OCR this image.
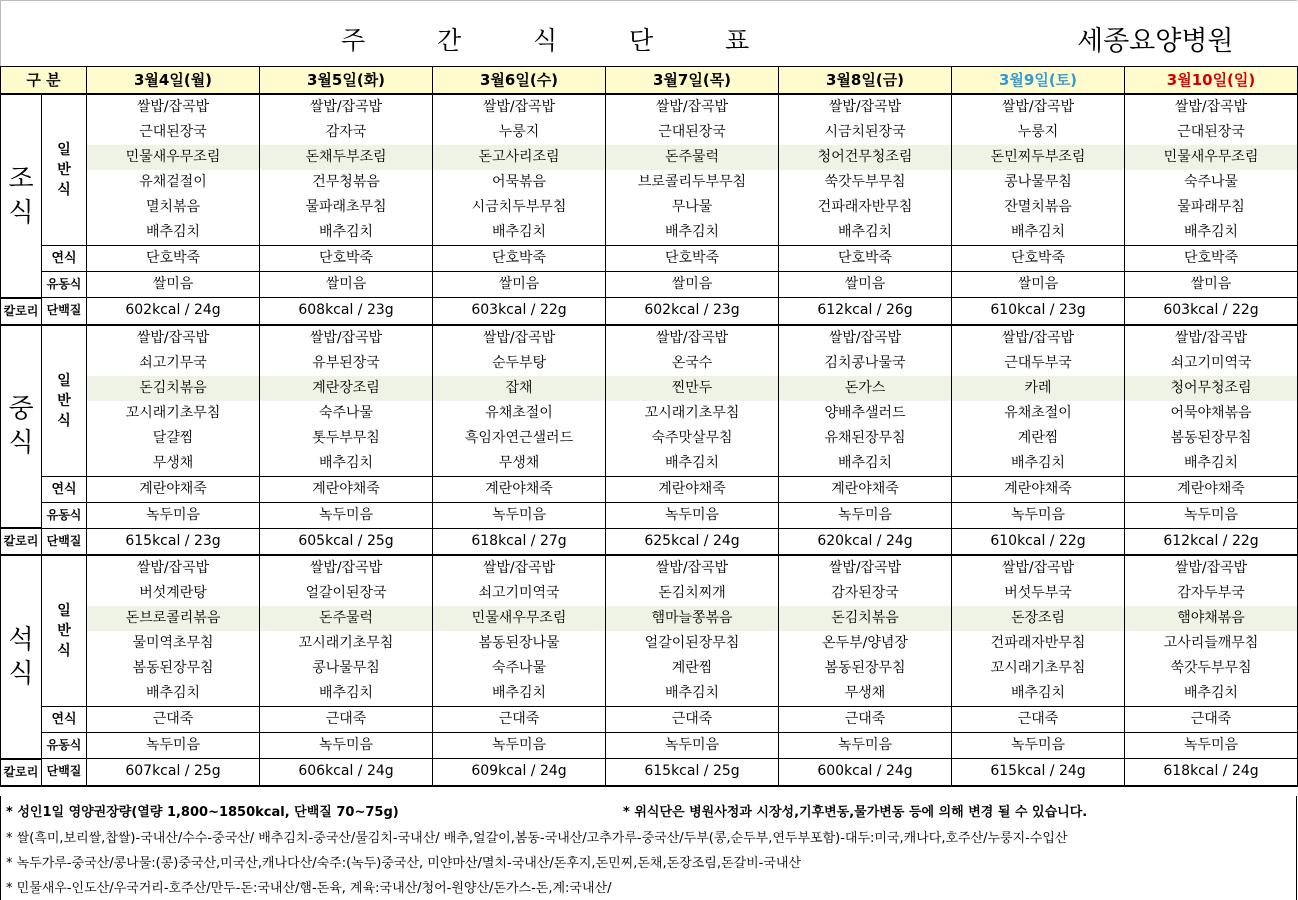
주	간	식	단	표	세종요양병원
구 분		3월4일(월)	3월5일(화)	3월6일(수)	3월7일(목)	3월8일(금)	3월9일(토)	3월10일(일)
조
식	일
반
식	쌀밥/잡곡밥	쌀밥/잡곡밥	쌀밥/잡곡밥	쌀밥/잡곡밥	쌀밥/잡곡밥	쌀밥/잡곡밥	쌀밥/잡곡밥
		근대된장국	감자국	누룽지	근대된장국	시금치된장국	누룽지	근대된장국
		민물새우무조림	돈채두부조림	돈고사리조림	돈주물럭	청어건무청조림	돈민찌두부조림	민물새우무조림
		유채겉절이	건무청볶음	어묵볶음	브로콜리두부무침	쑥갓두부무침	콩나물무침	숙주나물
		멸치볶음	물파래초무침	시금치두부무침	무나물	건파래자반무침	잔멸치볶음	물파래무침
		배추김치	배추김치	배추김치	배추김치	배추김치	배추김치	배추김치
	연식	단호박죽	단호박죽	단호박죽	단호박죽	단호박죽	단호박죽	단호박죽
	유동식	쌀미음	쌀미음	쌀미음	쌀미음	쌀미음	쌀미음	쌀미음
칼로리	단백질	602kcal / 24g	608kcal / 23g	603kcal / 22g	602kcal / 23g	612kcal / 26g	610kcal / 23g	603kcal / 22g
중
식	일
반
식	쌀밥/잡곡밥	쌀밥/잡곡밥	쌀밥/잡곡밥	쌀밥/잡곡밥	쌀밥/잡곡밥	쌀밥/잡곡밥	쌀밥/잡곡밥
		쇠고기무국	유부된장국	순두부탕	온국수	김치콩나물국	근대두부국	쇠고기미역국
		돈김치볶음	계란장조림	잡채	찐만두	돈가스	카레	청어무청조림
		꼬시래기초무침	숙주나물	유채초절이	꼬시래기초무침	양배추샐러드	유채초절이	어묵야채볶음
		달걀찜	톳두부무침	흑임자연근샐러드	숙주맛살무침	유채된장무침	계란찜	봄동된장무침
		무생채	배추김치	무생채	배추김치	배추김치	배추김치	배추김치
	연식	계란야채죽	계란야채죽	계란야채죽	계란야채죽	계란야채죽	계란야채죽	계란야채죽
	유동식	녹두미음	녹두미음	녹두미음	녹두미음	녹두미음	녹두미음	녹두미음
칼로리	단백질	615kcal / 23g	605kcal / 25g	618kcal / 27g	625kcal / 24g	620kcal / 24g	610kcal / 22g	612kcal / 22g
석
식	일
반
식	쌀밥/잡곡밥	쌀밥/잡곡밥	쌀밥/잡곡밥	쌀밥/잡곡밥	쌀밥/잡곡밥	쌀밥/잡곡밥	쌀밥/잡곡밥
		버섯계란탕	얼갈이된장국	쇠고기미역국	돈김치찌개	감자된장국	버섯두부국	감자두부국
		돈브로콜리볶음	돈주물럭	민물새우무조림	햄마늘쫑볶음	돈김치볶음	돈장조림	햄야채볶음
		물미역초무침	꼬시래기초무침	봄동된장나물	얼갈이된장무침	온두부/양념장	건파래자반무침	고사리들깨무침
		봄동된장무침	콩나물무침	숙주나물	계란찜	봄동된장무침	꼬시래기초무침	쑥갓두부무침
		배추김치	배추김치	배추김치	배추김치	무생채	배추김치	배추김치
	연식	근대죽	근대죽	근대죽	근대죽	근대죽	근대죽	근대죽
	유동식	녹두미음	녹두미음	녹두미음	녹두미음	녹두미음	녹두미음	녹두미음
칼로리	단백질	607kcal / 25g	606kcal / 24g	609kcal / 24g	615kcal / 25g	600kcal / 24g	615kcal / 24g	618kcal / 24g
* 성인1일 영양권장량(열량 1,800~1850kcal, 단백질 70~75g)	* 위식단은 병원사정과 시장성,기후변동,물가변동 등에 의해 변경 될 수 있습니다.
* 쌀(흑미,보리쌀,찹쌀)-국내산/수수-중국산/ 배추김치-중국산/물김치-국내산/ 배추,얼갈이,봄동-국내산/고추가루-중국산/두부(콩,순두부,연두부포함)-대두:미국,캐나다,호주산/누룽지-수입산
* 녹두가루-중국산/콩나물:(콩)중국산,미국산,캐나다산/숙주:(녹두)중국산, 미얀마산/멸치-국내산/돈후지,돈민찌,돈채,돈장조림,돈갈비-국내산
* 민물새우-인도산/우국거리-호주산/만두-돈:국내산/햄-돈육, 계육:국내산/청어-원양산/돈가스-돈,계:국내산/
